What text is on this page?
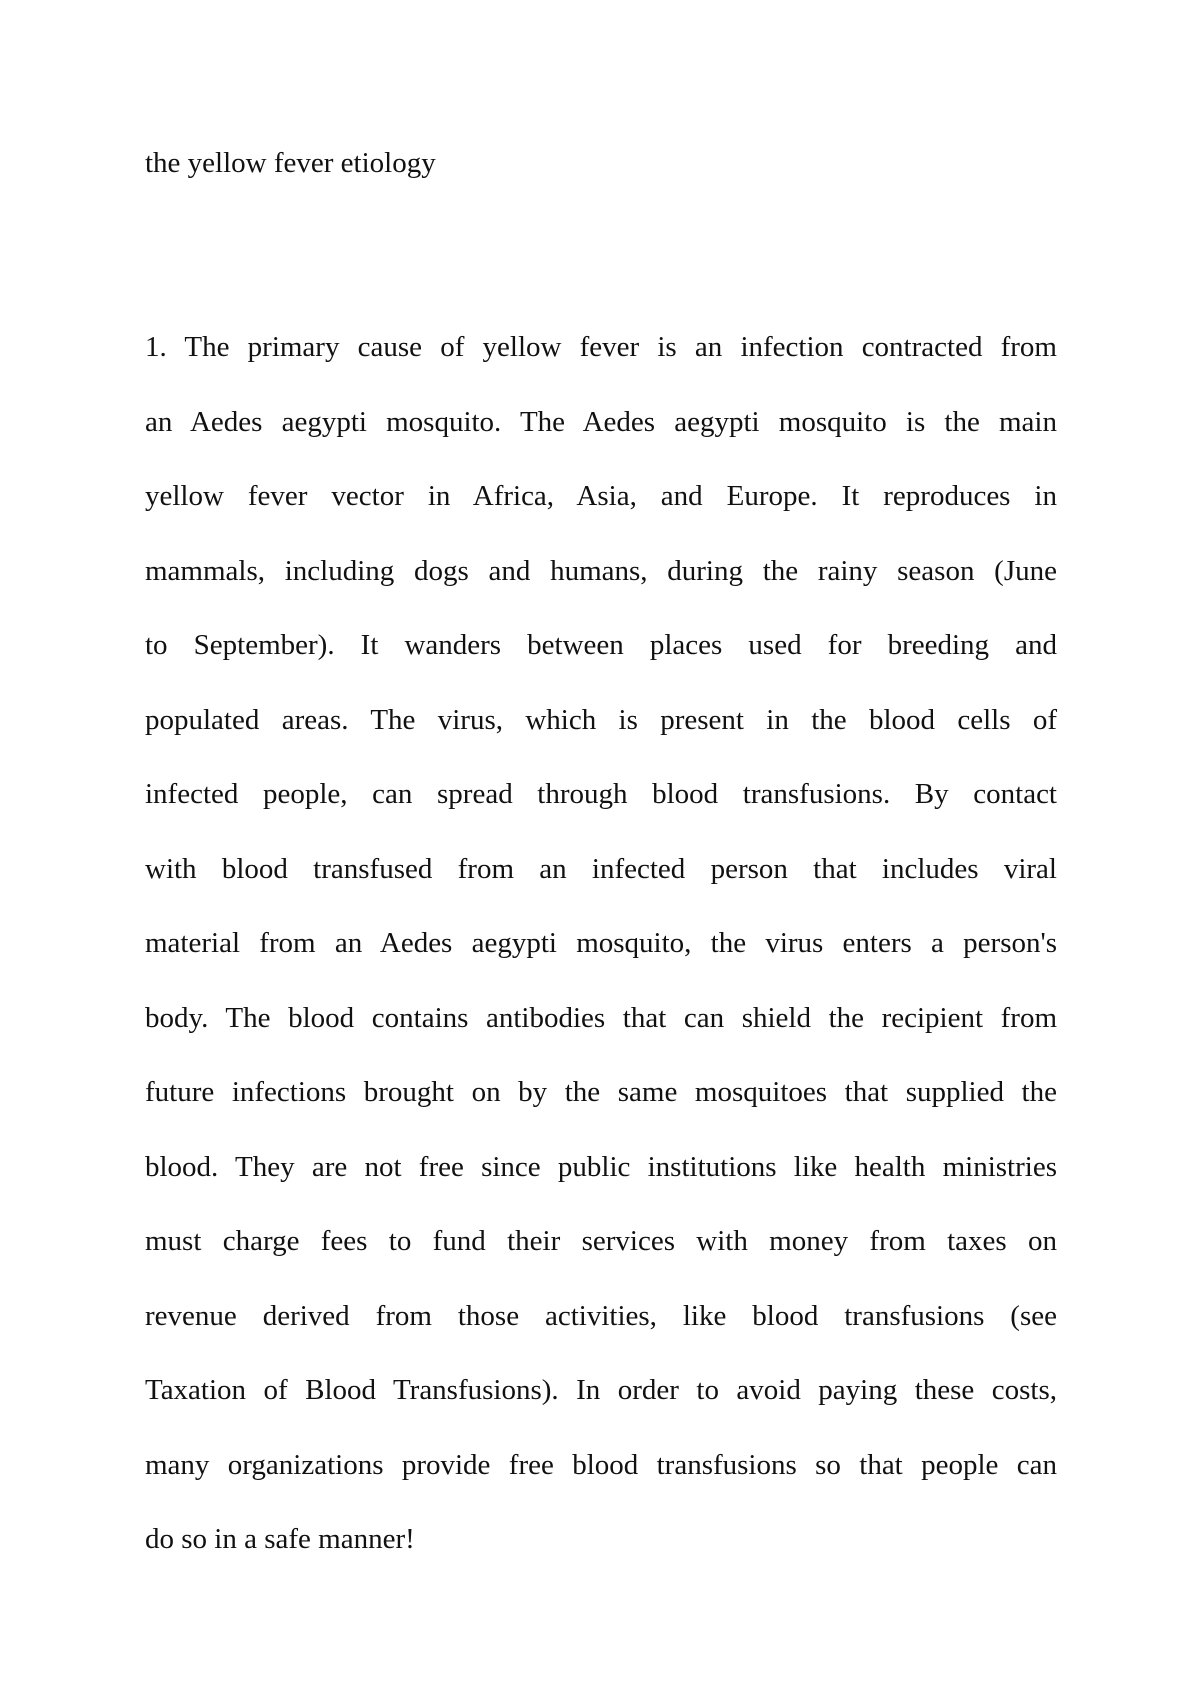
the yellow fever etiology
1. The primary cause of yellow fever is an infection contracted from
an Aedes aegypti mosquito. The Aedes aegypti mosquito is the main
yellow fever vector in Africa, Asia, and Europe. It reproduces in
mammals, including dogs and humans, during the rainy season (June
to September). It wanders between places used for breeding and
populated areas. The virus, which is present in the blood cells of
infected people, can spread through blood transfusions. By contact
with blood transfused from an infected person that includes viral
material from an Aedes aegypti mosquito, the virus enters a person's
body. The blood contains antibodies that can shield the recipient from
future infections brought on by the same mosquitoes that supplied the
blood. They are not free since public institutions like health ministries
must charge fees to fund their services with money from taxes on
revenue derived from those activities, like blood transfusions (see
Taxation of Blood Transfusions). In order to avoid paying these costs,
many organizations provide free blood transfusions so that people can
do so in a safe manner!
